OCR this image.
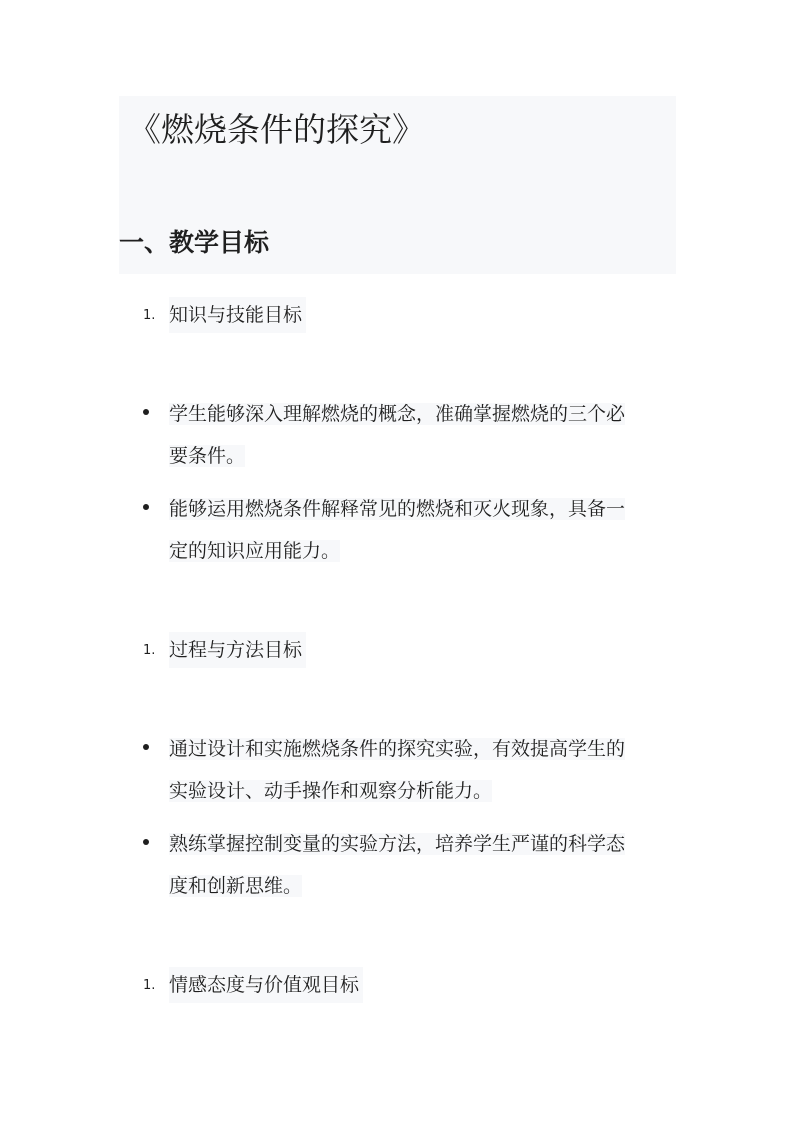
《燃烧条件的探究》
一、教学目标
1. 知识与技能目标
学生能够深入理解燃烧的概念，准确掌握燃烧的三个必
要条件。
能够运用燃烧条件解释常见的燃烧和灭火现象，具备一
定的知识应用能力。
1. 过程与方法目标
通过设计和实施燃烧条件的探究实验，有效提高学生的
实验设计、动手操作和观察分析能力。
熟练掌握控制变量的实验方法，培养学生严谨的科学态
度和创新思维。
1. 情感态度与价值观目标
